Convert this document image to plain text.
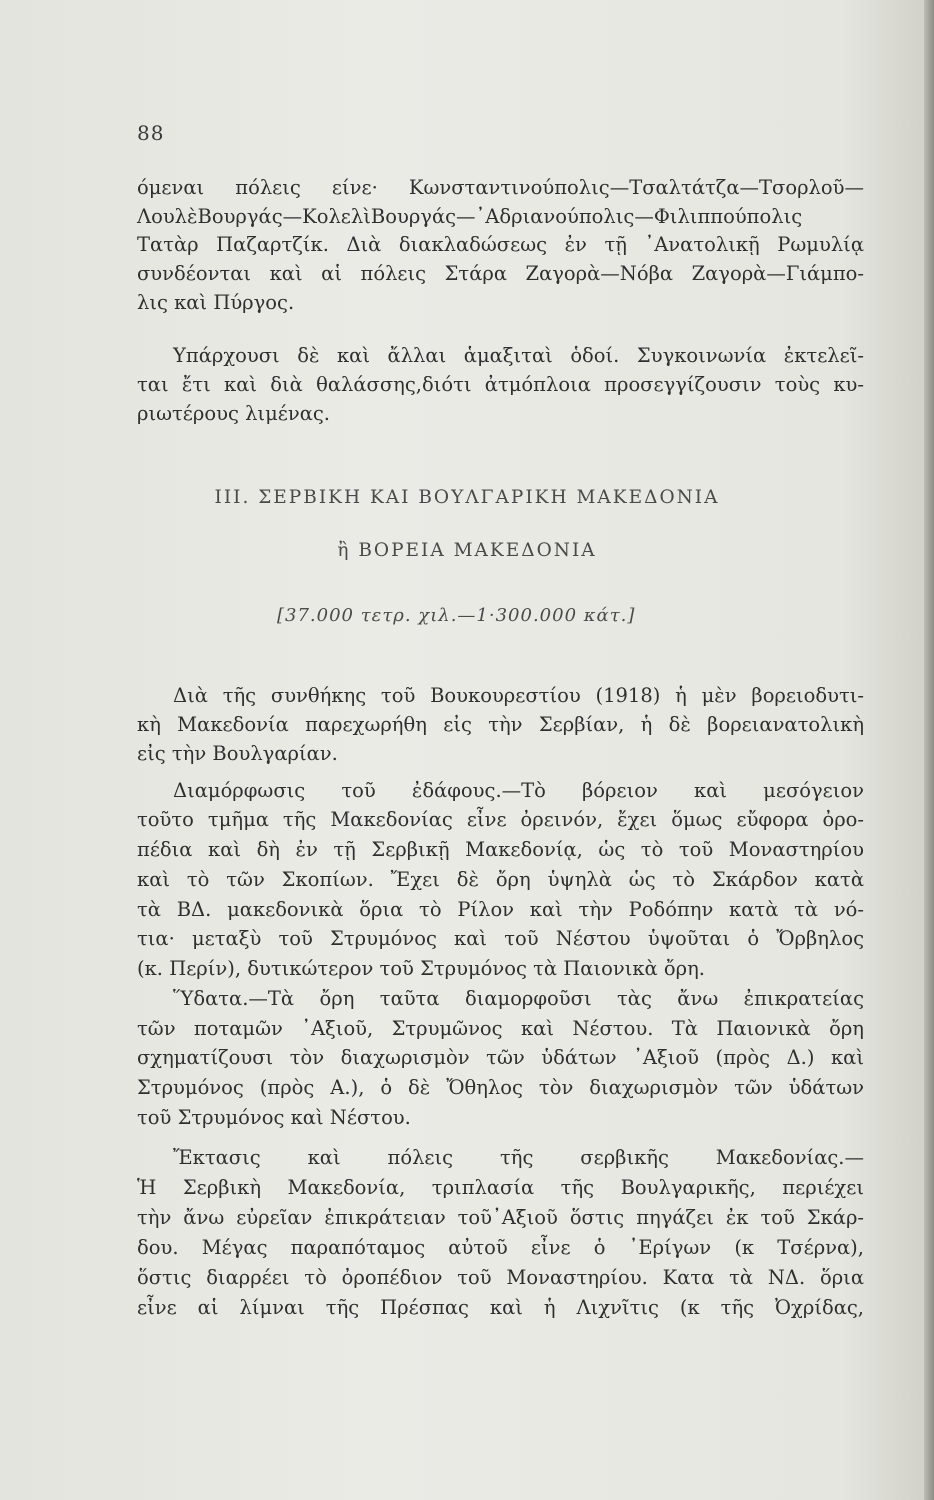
88
όμεναι πόλεις είνε· Κωνσταντινούπολις—Τσαλτάτζα—Τσορλοῦ—
ΛουλὲΒουργάς—ΚολελὶΒουργάς—᾿Αδριανούπολις—Φιλιππούπολις
Τατὰρ Παζαρτζίκ. Διὰ διακλαδώσεως ἐν τῇ ᾿Ανατολικῇ Ρωμυλίᾳ
συνδέονται καὶ αἱ πόλεις Στάρα Ζαγορὰ—Νόβα Ζαγορὰ—Γιάμπο-
λις καὶ Πύργος.
Υπάρχουσι δὲ καὶ ἄλλαι ἁμαξιταὶ ὁδοί. Συγκοινωνία ἐκτελεῖ-
ται ἔτι καὶ διὰ θαλάσσης,διότι ἀτμόπλοια προσεγγίζουσιν τοὺς κυ-
ριωτέρους λιμένας.
III. ΣΕΡΒΙΚΗ ΚΑΙ ΒΟΥΛΓΑΡΙΚΗ ΜΑΚΕΔΟΝΙΑ
ἢ ΒΟΡΕΙΑ ΜΑΚΕΔΟΝΙΑ
[37.000 τετρ. χιλ.—1·300.000 κάτ.]
Διὰ τῆς συνθήκης τοῦ Βουκουρεστίου (1918) ἡ μὲν βορειοδυτι-
κὴ Μακεδονία παρεχωρήθη εἰς τὴν Σερβίαν, ἡ δὲ βορειανατολικὴ
εἰς τὴν Βουλγαρίαν.
Διαμόρφωσις τοῦ ἐδάφους.—Τὸ βόρειον καὶ μεσόγειον
τοῦτο τμῆμα τῆς Μακεδονίας εἶνε ὀρεινόν, ἔχει ὅμως εὔφορα ὀρο-
πέδια καὶ δὴ ἐν τῇ Σερβικῇ Μακεδονίᾳ, ὡς τὸ τοῦ Μοναστηρίου
καὶ τὸ τῶν Σκοπίων. Ἔχει δὲ ὄρη ὑψηλὰ ὡς τὸ Σκάρδον κατὰ
τὰ ΒΔ. μακεδονικὰ ὅρια τὸ Ρίλον καὶ τὴν Ροδόπην κατὰ τὰ νό-
τια· μεταξὺ τοῦ Στρυμόνος καὶ τοῦ Νέστου ὑψοῦται ὁ Ὄρβηλος
(κ. Περίν), δυτικώτερον τοῦ Στρυμόνος τὰ Παιονικὰ ὄρη.
Ὕδατα.—Τὰ ὄρη ταῦτα διαμορφοῦσι τὰς ἄνω ἐπικρατείας
τῶν ποταμῶν ᾿Αξιοῦ, Στρυμῶνος καὶ Νέστου. Τὰ Παιονικὰ ὄρη
σχηματίζουσι τὸν διαχωρισμὸν τῶν ὑδάτων ᾿Αξιοῦ (πρὸς Δ.) καὶ
Στρυμόνος (πρὸς Α.), ὁ δὲ Ὄθηλος τὸν διαχωρισμὸν τῶν ὑδάτων
τοῦ Στρυμόνος καὶ Νέστου.
Ἔκτασις καὶ πόλεις τῆς σερβικῆς Μακεδονίας.—
Ἡ Σερβικὴ Μακεδονία, τριπλασία τῆς Βουλγαρικῆς, περιέχει
τὴν ἄνω εὐρεῖαν ἐπικράτειαν τοῦ᾿Αξιοῦ ὅστις πηγάζει ἐκ τοῦ Σκάρ-
δου. Μέγας παραπόταμος αὐτοῦ εἶνε ὁ ᾿Ερίγων (κ Τσέρνα),
ὅστις διαρρέει τὸ ὀροπέδιον τοῦ Μοναστηρίου. Κατα τὰ ΝΔ. ὅρια
εἶνε αἱ λίμναι τῆς Πρέσπας καὶ ἡ Λιχνῖτις (κ τῆς Ὀχρίδας,
